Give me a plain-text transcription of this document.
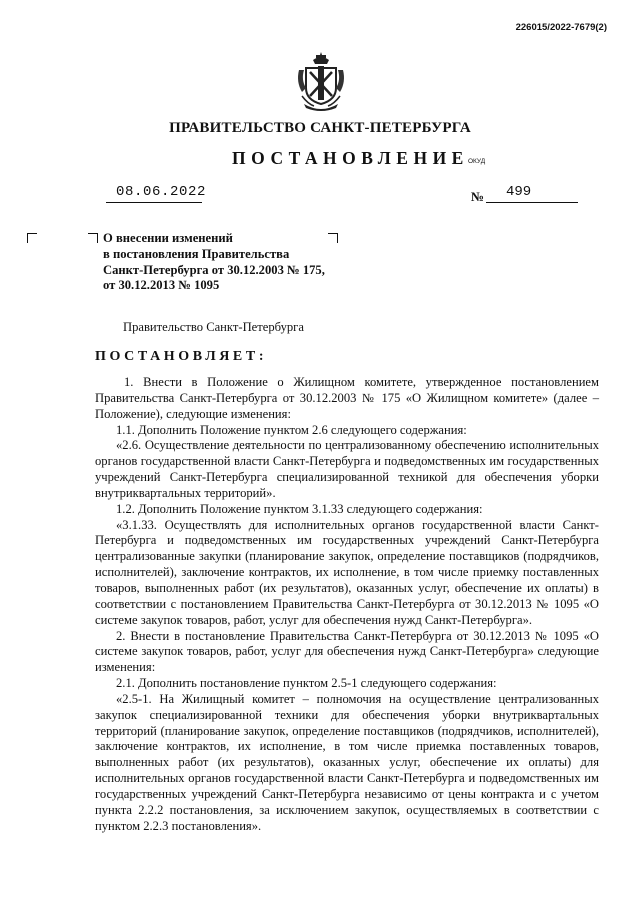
226015/2022-7679(2)
ПРАВИТЕЛЬСТВО САНКТ-ПЕТЕРБУРГА
ПОСТАНОВЛЕНИЕ ОКУД
08.06.2022	№ 499
О внесении изменений
в постановления Правительства
Санкт-Петербурга от 30.12.2003 № 175,
от 30.12.2013 № 1095
Правительство Санкт-Петербурга
ПОСТАНОВЛЯЕТ:

1. Внести в Положение о Жилищном комитете, утвержденное постановлением Правительства Санкт-Петербурга от 30.12.2003 № 175 «О Жилищном комитете» (далее – Положение), следующие изменения:

1.1. Дополнить Положение пунктом 2.6 следующего содержания:

«2.6. Осуществление деятельности по централизованному обеспечению исполнительных органов государственной власти Санкт-Петербурга и подведомственных им государственных учреждений Санкт-Петербурга специализированной техникой для обеспечения уборки внутриквартальных территорий».

1.2. Дополнить Положение пунктом 3.1.33 следующего содержания:

«3.1.33. Осуществлять для исполнительных органов государственной власти Санкт-Петербурга и подведомственных им государственных учреждений Санкт-Петербурга централизованные закупки (планирование закупок, определение поставщиков (подрядчиков, исполнителей), заключение контрактов, их исполнение, в том числе приемку поставленных товаров, выполненных работ (их результатов), оказанных услуг, обеспечение их оплаты) в соответствии с постановлением Правительства Санкт-Петербурга от 30.12.2013 № 1095 «О системе закупок товаров, работ, услуг для обеспечения нужд Санкт-Петербурга».

2. Внести в постановление Правительства Санкт-Петербурга от 30.12.2013 № 1095 «О системе закупок товаров, работ, услуг для обеспечения нужд Санкт-Петербурга» следующие изменения:

2.1. Дополнить постановление пунктом 2.5-1 следующего содержания:

«2.5-1. На Жилищный комитет – полномочия на осуществление централизованных закупок специализированной техники для обеспечения уборки внутриквартальных территорий (планирование закупок, определение поставщиков (подрядчиков, исполнителей), заключение контрактов, их исполнение, в том числе приемка поставленных товаров, выполненных работ (их результатов), оказанных услуг, обеспечение их оплаты) для исполнительных органов государственной власти Санкт-Петербурга и подведомственных им государственных учреждений Санкт-Петербурга независимо от цены контракта и с учетом пункта 2.2.2 постановления, за исключением закупок, осуществляемых в соответствии с пунктом 2.2.3 постановления».
